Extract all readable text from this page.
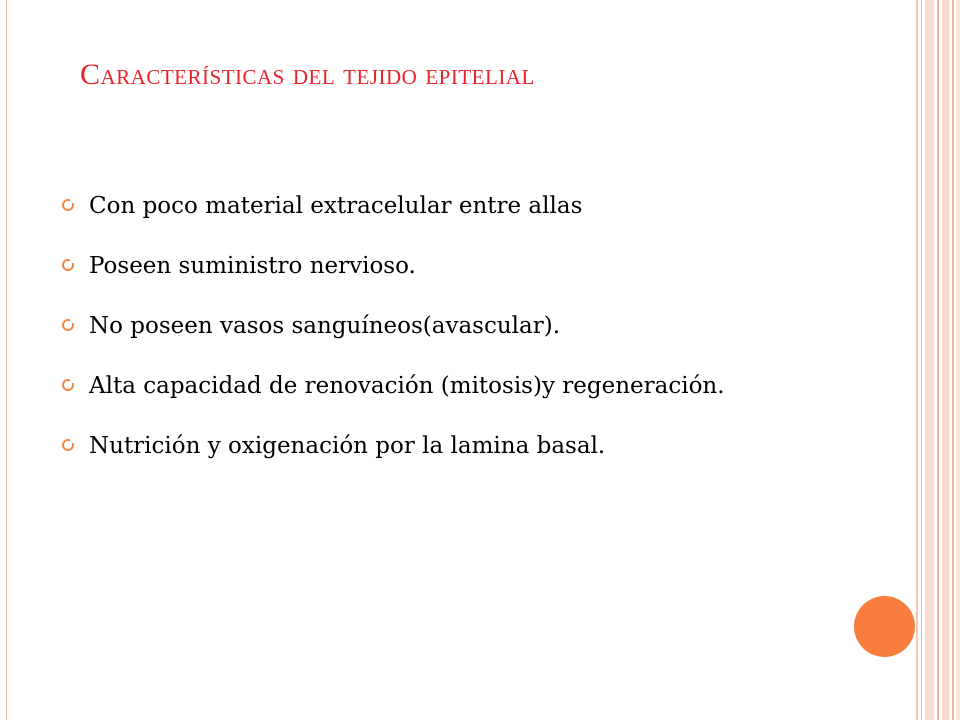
Características del tejido epitelial
Con poco material extracelular entre allas
Poseen suministro nervioso.
No poseen vasos sanguíneos(avascular).
Alta capacidad de renovación (mitosis)y regeneración.
Nutrición y oxigenación por la lamina basal.
